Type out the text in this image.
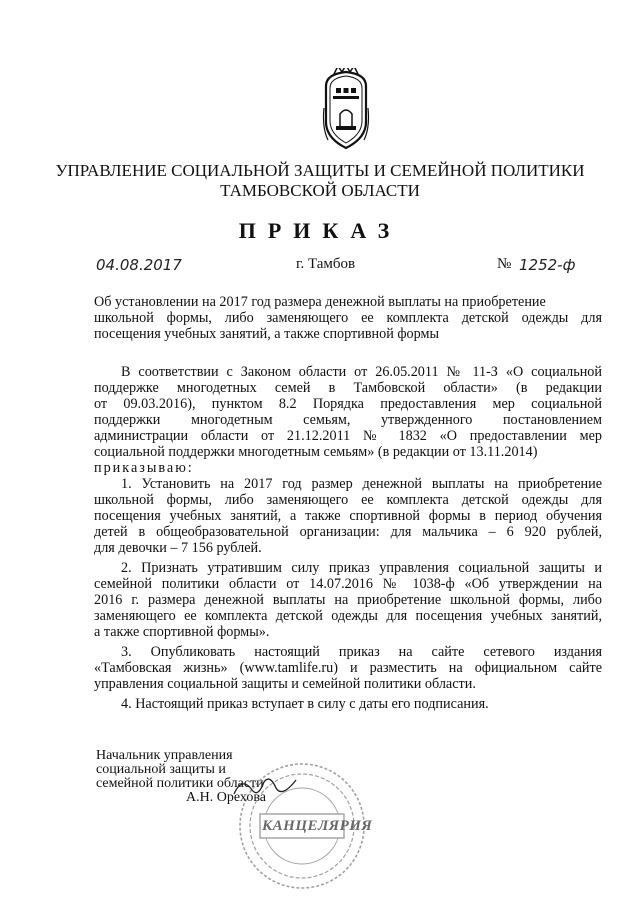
УПРАВЛЕНИЕ СОЦИАЛЬНОЙ ЗАЩИТЫ И СЕМЕЙНОЙ ПОЛИТИКИ
ТАМБОВСКОЙ ОБЛАСТИ
ПРИКАЗ
04.08.2017	г. Тамбов	№ 1252-ф
Об установлении на 2017 год размера денежной выплаты на приобретение
школьной формы, либо заменяющего ее комплекта детской одежды для
посещения учебных занятий, а также спортивной формы
В соответствии с Законом области от 26.05.2011 № 11-З «О социальной
поддержке многодетных семей в Тамбовской области» (в редакции
от 09.03.2016), пунктом 8.2 Порядка предоставления мер социальной
поддержки многодетным семьям, утвержденного постановлением
администрации области от 21.12.2011 № 1832 «О предоставлении мер
социальной поддержки многодетным семьям» (в редакции от 13.11.2014)
приказываю:
1. Установить на 2017 год размер денежной выплаты на приобретение
школьной формы, либо заменяющего ее комплекта детской одежды для
посещения учебных занятий, а также спортивной формы в период обучения
детей в общеобразовательной организации: для мальчика – 6 920 рублей,
для девочки – 7 156 рублей.
2. Признать утратившим силу приказ управления социальной защиты и
семейной политики области от 14.07.2016 № 1038-ф «Об утверждении на
2016 г. размера денежной выплаты на приобретение школьной формы, либо
заменяющего ее комплекта детской одежды для посещения учебных занятий,
а также спортивной формы».
3. Опубликовать настоящий приказ на сайте сетевого издания
«Тамбовская жизнь» (www.tamlife.ru) и разместить на официальном сайте
управления социальной защиты и семейной политики области.
4. Настоящий приказ вступает в силу с даты его подписания.
Начальник управления
социальной защиты и
семейной политики области
А.Н. Орехова
КАНЦЕЛЯРИЯ
